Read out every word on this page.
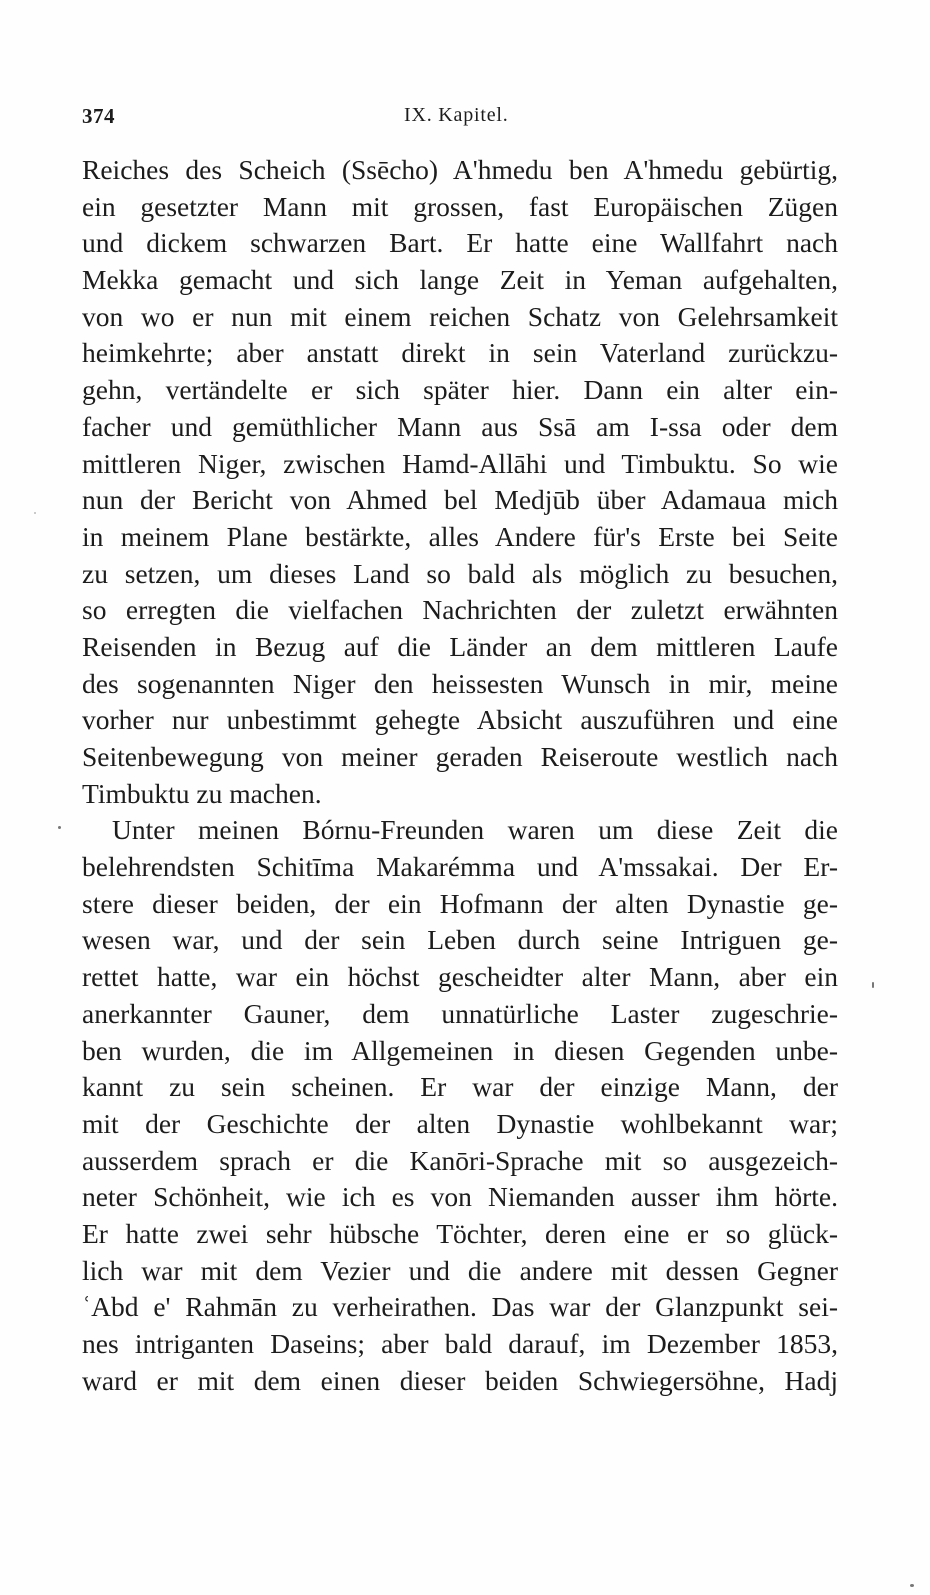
374	IX. Kapitel.
Reiches des Scheich (Ssēcho) A'hmedu ben A'hmedu gebürtig,
ein gesetzter Mann mit grossen, fast Europäischen Zügen
und dickem schwarzen Bart. Er hatte eine Wallfahrt nach
Mekka gemacht und sich lange Zeit in Yeman aufgehalten,
von wo er nun mit einem reichen Schatz von Gelehrsamkeit
heimkehrte; aber anstatt direkt in sein Vaterland zurückzu-
gehn, vertändelte er sich später hier. Dann ein alter ein-
facher und gemüthlicher Mann aus Ssā am I-ssa oder dem
mittleren Niger, zwischen Hamd-Allāhi und Timbuktu. So wie
nun der Bericht von Ahmed bel Medjūb über Adamaua mich
in meinem Plane bestärkte, alles Andere für's Erste bei Seite
zu setzen, um dieses Land so bald als möglich zu besuchen,
so erregten die vielfachen Nachrichten der zuletzt erwähnten
Reisenden in Bezug auf die Länder an dem mittleren Laufe
des sogenannten Niger den heissesten Wunsch in mir, meine
vorher nur unbestimmt gehegte Absicht auszuführen und eine
Seitenbewegung von meiner geraden Reiseroute westlich nach
Timbuktu zu machen.
Unter meinen Bórnu-Freunden waren um diese Zeit die
belehrendsten Schitīma Makarémma und A'mssakai. Der Er-
stere dieser beiden, der ein Hofmann der alten Dynastie ge-
wesen war, und der sein Leben durch seine Intriguen ge-
rettet hatte, war ein höchst gescheidter alter Mann, aber ein
anerkannter Gauner, dem unnatürliche Laster zugeschrie-
ben wurden, die im Allgemeinen in diesen Gegenden unbe-
kannt zu sein scheinen. Er war der einzige Mann, der
mit der Geschichte der alten Dynastie wohlbekannt war;
ausserdem sprach er die Kanōri-Sprache mit so ausgezeich-
neter Schönheit, wie ich es von Niemanden ausser ihm hörte.
Er hatte zwei sehr hübsche Töchter, deren eine er so glück-
lich war mit dem Vezier und die andere mit dessen Gegner
ʿAbd e' Rahmān zu verheirathen. Das war der Glanzpunkt sei-
nes intriganten Daseins; aber bald darauf, im Dezember 1853,
ward er mit dem einen dieser beiden Schwiegersöhne, Hadj
